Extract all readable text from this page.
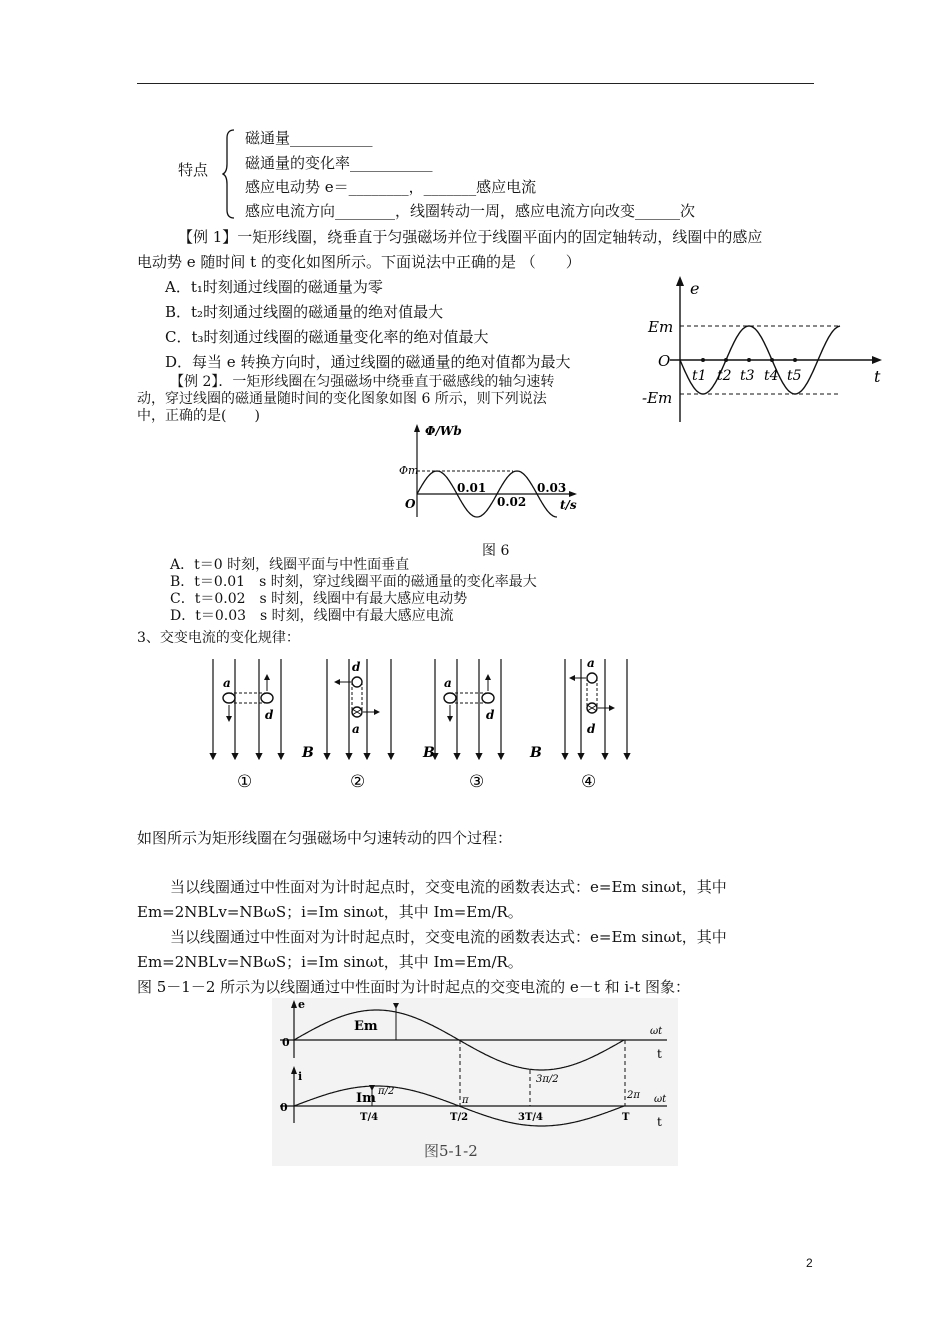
特点
磁通量___________
磁通量的变化率___________
感应电动势 e＝________，_______感应电流
感应电流方向________，线圈转动一周，感应电流方向改变______次
【例 1】一矩形线圈，绕垂直于匀强磁场并位于线圈平面内的固定轴转动，线圈中的感应
电动势 e 随时间 t 的变化如图所示。下面说法中正确的是 （　　）
A．t₁时刻通过线圈的磁通量为零
B．t₂时刻通过线圈的磁通量的绝对值最大
C．t₃时刻通过线圈的磁通量变化率的绝对值最大
D．每当 e 转换方向时，通过线圈的磁通量的绝对值都为最大
e
t
Em
O
-Em
t1 t2 t3 t4 t5
【例 2】．一矩形线圈在匀强磁场中绕垂直于磁感线的轴匀速转
动，穿过线圈的磁通量随时间的变化图象如图 6 所示，则下列说法
中，正确的是(　　)
Φ/Wb
Φm
O
0.01
0.02
0.03
t/s
图 6
A．t＝0 时刻，线圈平面与中性面垂直
B．t＝0.01　s 时刻，穿过线圈平面的磁通量的变化率最大
C．t＝0.02　s 时刻，线圈中有最大感应电动势
D．t＝0.03　s 时刻，线圈中有最大感应电流
3、交变电流的变化规律：
a
d
d
a
a
d
a
d
B	B	B
①	②	③	④
如图所示为矩形线圈在匀强磁场中匀速转动的四个过程：
当以线圈通过中性面对为计时起点时，交变电流的函数表达式：e=Em sinωt，其中
Em=2NBLv=NBωS；i=Im sinωt，其中 Im=Em/R。
当以线圈通过中性面对为计时起点时，交变电流的函数表达式：e=Em sinωt，其中
Em=2NBLv=NBωS；i=Im sinωt，其中 Im=Em/R。
图 5－1－2 所示为以线圈通过中性面时为计时起点的交变电流的 e－t 和 i-t 图象：
e
0
Em	ωt
t
i
0
Im π/2
π
3π/2
2π ωt
t
T/4	T/2	3T/4	T
图5-1-2
2
